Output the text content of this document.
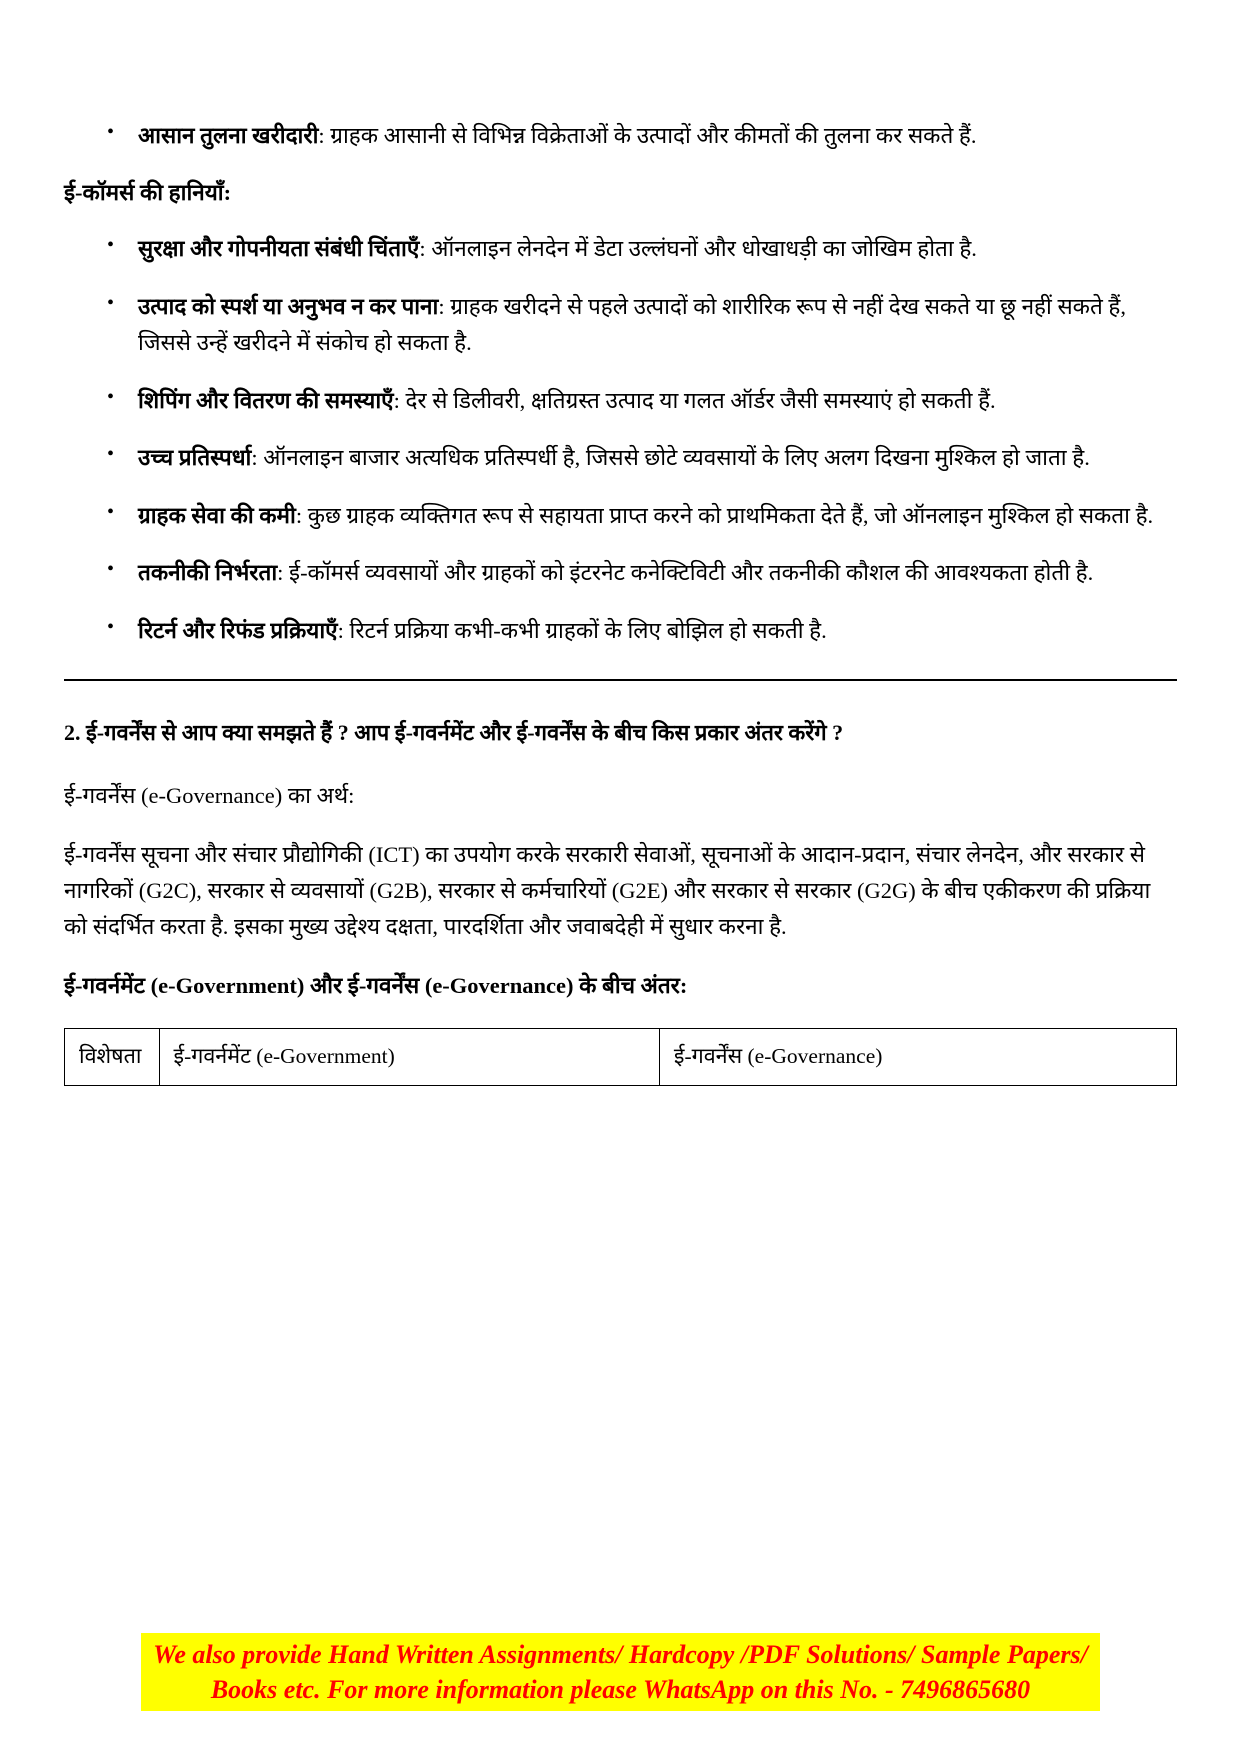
• आसान तुलना खरीदारी: ग्राहक आसानी से विभिन्न विक्रेताओं के उत्पादों और कीमतों की तुलना कर सकते हैं.
ई-कॉमर्स की हानियाँ:
• सुरक्षा और गोपनीयता संबंधी चिंताएँ: ऑनलाइन लेनदेन में डेटा उल्लंघनों और धोखाधड़ी का जोखिम होता है.
• उत्पाद को स्पर्श या अनुभव न कर पाना: ग्राहक खरीदने से पहले उत्पादों को शारीरिक रूप से नहीं देख सकते या छू नहीं सकते हैं, जिससे उन्हें खरीदने में संकोच हो सकता है.
• शिपिंग और वितरण की समस्याएँ: देर से डिलीवरी, क्षतिग्रस्त उत्पाद या गलत ऑर्डर जैसी समस्याएं हो सकती हैं.
• उच्च प्रतिस्पर्धा: ऑनलाइन बाजार अत्यधिक प्रतिस्पर्धी है, जिससे छोटे व्यवसायों के लिए अलग दिखना मुश्किल हो जाता है.
• ग्राहक सेवा की कमी: कुछ ग्राहक व्यक्तिगत रूप से सहायता प्राप्त करने को प्राथमिकता देते हैं, जो ऑनलाइन मुश्किल हो सकता है.
• तकनीकी निर्भरता: ई-कॉमर्स व्यवसायों और ग्राहकों को इंटरनेट कनेक्टिविटी और तकनीकी कौशल की आवश्यकता होती है.
• रिटर्न और रिफंड प्रक्रियाएँ: रिटर्न प्रक्रिया कभी-कभी ग्राहकों के लिए बोझिल हो सकती है.
2. ई-गवर्नेंस से आप क्या समझते हैं ? आप ई-गवर्नमेंट और ई-गवर्नेंस के बीच किस प्रकार अंतर करेंगे ?
ई-गवर्नेंस (e-Governance) का अर्थ:
ई-गवर्नेंस सूचना और संचार प्रौद्योगिकी (ICT) का उपयोग करके सरकारी सेवाओं, सूचनाओं के आदान-प्रदान, संचार लेनदेन, और सरकार से नागरिकों (G2C), सरकार से व्यवसायों (G2B), सरकार से कर्मचारियों (G2E) और सरकार से सरकार (G2G) के बीच एकीकरण की प्रक्रिया को संदर्भित करता है. इसका मुख्य उद्देश्य दक्षता, पारदर्शिता और जवाबदेही में सुधार करना है.
ई-गवर्नमेंट (e-Government) और ई-गवर्नेंस (e-Governance) के बीच अंतर:
विशेषता	ई-गवर्नमेंट (e-Government)	ई-गवर्नेंस (e-Governance)
We also provide Hand Written Assignments/ Hardcopy /PDF Solutions/ Sample Papers/
Books etc. For more information please WhatsApp on this No. - 7496865680
